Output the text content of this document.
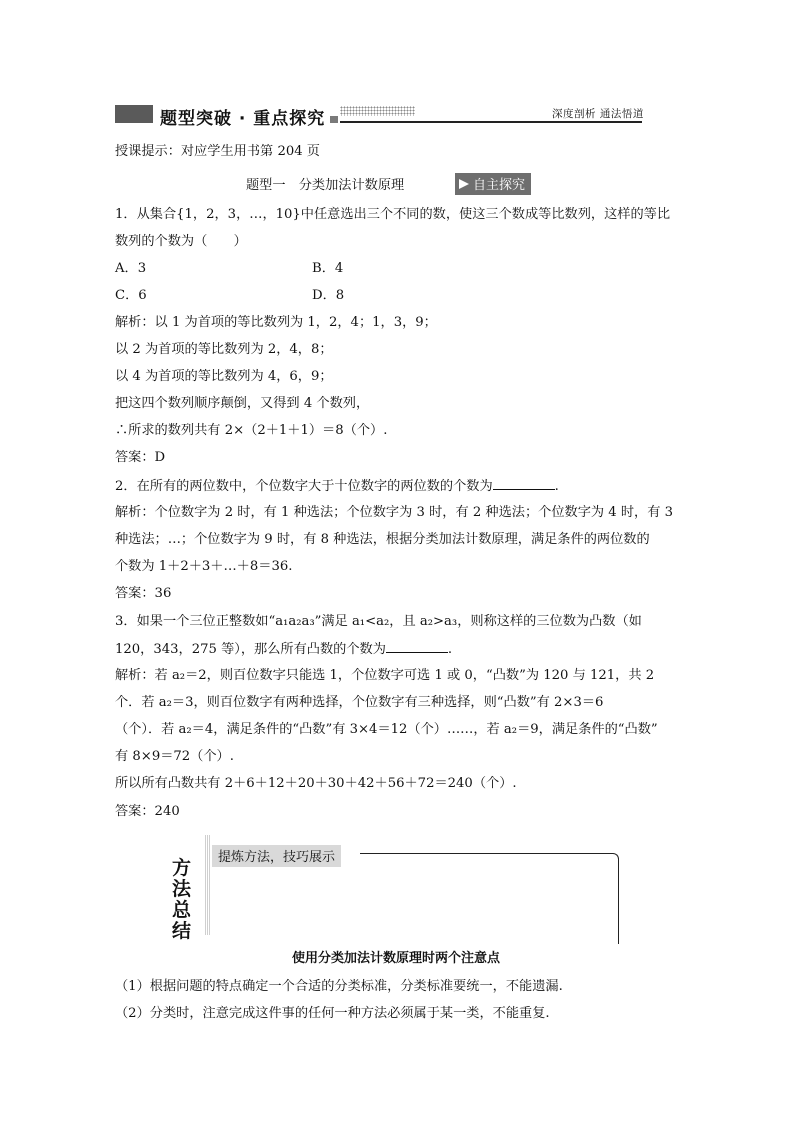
题型突破 · 重点探究	深度剖析 通法悟道
授课提示：对应学生用书第 204 页
题型一　分类加法计数原理	自主探究
1．从集合{1，2，3，…，10}中任意选出三个不同的数，使这三个数成等比数列，这样的等比
数列的个数为（　　）
A．3	B．4
C．6	D．8
解析：以 1 为首项的等比数列为 1，2，4；1，3，9；
以 2 为首项的等比数列为 2，4，8；
以 4 为首项的等比数列为 4，6，9；
把这四个数列顺序颠倒，又得到 4 个数列，
∴所求的数列共有 2×（2＋1＋1）＝8（个）.
答案：D
2．在所有的两位数中，个位数字大于十位数字的两位数的个数为	.
解析：个位数字为 2 时，有 1 种选法；个位数字为 3 时，有 2 种选法；个位数字为 4 时，有 3
种选法；…；个位数字为 9 时，有 8 种选法，根据分类加法计数原理，满足条件的两位数的
个数为 1＋2＋3＋…＋8＝36.
答案：36
3．如果一个三位正整数如“a₁a₂a₃”满足 a₁<a₂，且 a₂>a₃，则称这样的三位数为凸数（如
120，343，275 等），那么所有凸数的个数为	.
解析：若 a₂＝2，则百位数字只能选 1，个位数字可选 1 或 0，“凸数”为 120 与 121，共 2
个．若 a₂＝3，则百位数字有两种选择，个位数字有三种选择，则“凸数”有 2×3＝6
（个）．若 a₂＝4，满足条件的“凸数”有 3×4＝12（个）……，若 a₂＝9，满足条件的“凸数”
有 8×9＝72（个）.
所以所有凸数共有 2＋6＋12＋20＋30＋42＋56＋72＝240（个）.
答案：240
方法总结
提炼方法，技巧展示
使用分类加法计数原理时两个注意点
（1）根据问题的特点确定一个合适的分类标准，分类标准要统一，不能遗漏.
（2）分类时，注意完成这件事的任何一种方法必须属于某一类，不能重复.
